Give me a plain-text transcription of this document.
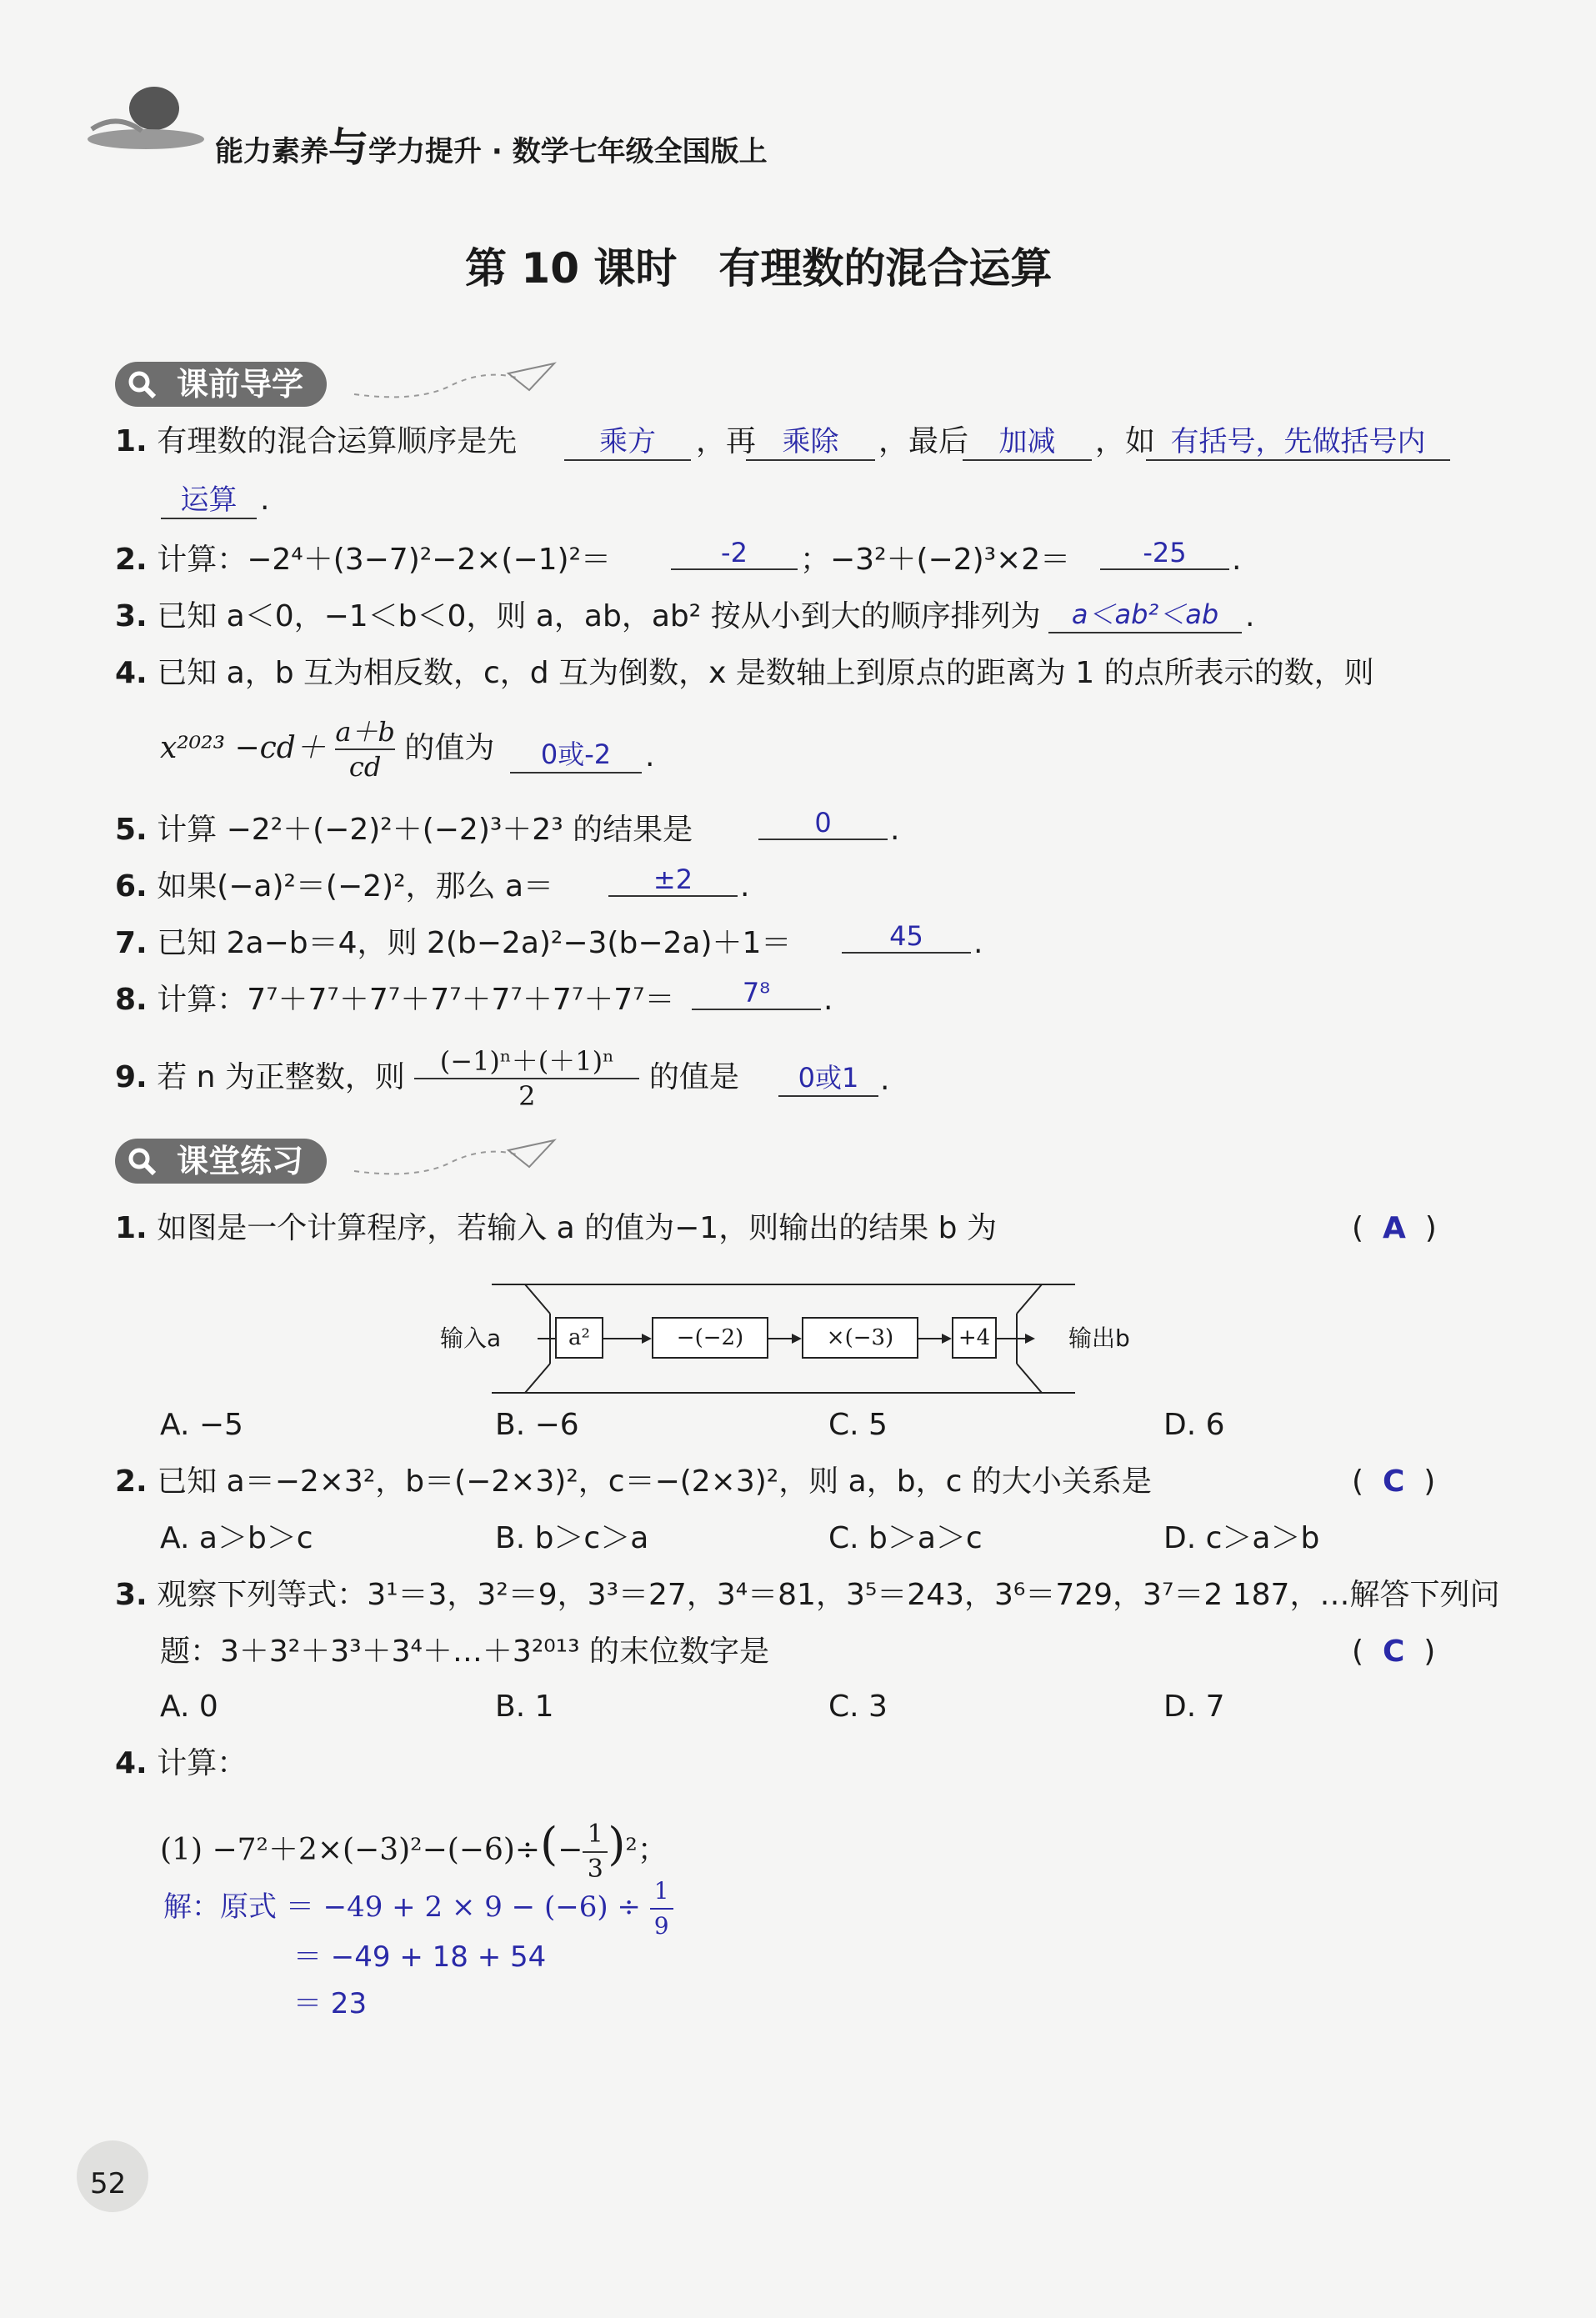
能力素养与学力提升 · 数学七年级全国版上
第 10 课时 有理数的混合运算
课前导学
1. 有理数的混合运算顺序是先	乘方	，再 乘除	，最后	加减	，如 有括号，先做括号内
运算 .
2. 计算：−2⁴＋(3−7)²−2×(−1)²＝	-2	；−3²＋(−2)³×2＝	-25	.
3. 已知 a＜0，−1＜b＜0，则 a，ab，ab² 按从小到大的顺序排列为	a＜ab²＜ab .
4. 已知 a，b 互为相反数，c，d 互为倒数，x 是数轴上到原点的距离为 1 的点所表示的数，则
$x^{2023} -cd+ \frac{a+b}{cd}$ 的值为	0或-2	.
5. 计算 −2²＋(−2)²＋(−2)³＋2³ 的结果是	0	.
6. 如果(−a)²＝(−2)²，那么 a＝	±2	.
7. 已知 2a−b＝4，则 2(b−2a)²−3(b−2a)＋1＝	45	.
8. 计算：7⁷＋7⁷＋7⁷＋7⁷＋7⁷＋7⁷＋7⁷＝	7⁸	.
9. 若 n 为正整数，则 $\frac{\text{(−1)ⁿ＋(＋1)ⁿ}}{2}$ 的值是	0或1 .
课堂练习
1. 如图是一个计算程序，若输入 a 的值为−1，则输出的结果 b 为	(  A  )
输入a	a²	−(−2)	×(−3)	+4	输出b
A. −5	B. −6	C. 5	D. 6
2. 已知 a＝−2×3²，b＝(−2×3)²，c＝−(2×3)²，则 a，b，c 的大小关系是	(  C  )
A. a＞b＞c	B. b＞c＞a	C. b＞a＞c	D. c＞a＞b
3. 观察下列等式：3¹＝3，3²＝9，3³＝27，3⁴＝81，3⁵＝243，3⁶＝729，3⁷＝2 187，…解答下列问
题：3＋3²＋3³＋3⁴＋…＋3²⁰¹³ 的末位数字是	(  C  )
A. 0	B. 1	C. 3	D. 7
4. 计算：
$(1) -7^2+2\times(-3)^2-(-6)\div(- \frac{1}{3} )^2$；
解：原式 ＝ $-49 + 2 \times 9 - (-6) \div \frac{1}{9}$
＝ −49 + 18 + 54
＝ 23
52
